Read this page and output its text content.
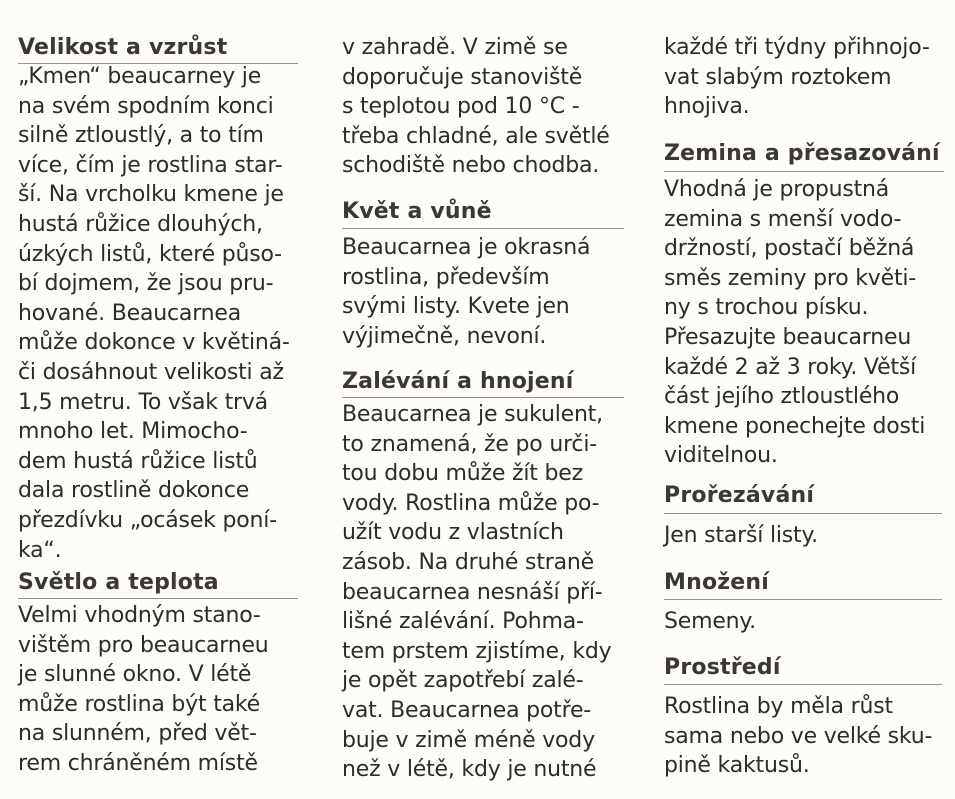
Velikost a vzrůst
„Kmen“ beaucarney je
na svém spodním konci
silně ztloustlý, a to tím
více, čím je rostlina star-
ší. Na vrcholku kmene je
hustá růžice dlouhých,
úzkých listů, které půso-
bí dojmem, že jsou pru-
hované. Beaucarnea
může dokonce v květiná-
či dosáhnout velikosti až
1,5 metru. To však trvá
mnoho let. Mimocho-
dem hustá růžice listů
dala rostlině dokonce
přezdívku „ocásek poní-
ka“.
Světlo a teplota
Velmi vhodným stano-
vištěm pro beaucarneu
je slunné okno. V létě
může rostlina být také
na slunném, před vět-
rem chráněném místě
v zahradě. V zimě se
doporučuje stanoviště
s teplotou pod 10 °C -
třeba chladné, ale světlé
schodiště nebo chodba.
Květ a vůně
Beaucarnea je okrasná
rostlina, především
svými listy. Kvete jen
výjimečně, nevoní.
Zalévání a hnojení
Beaucarnea je sukulent,
to znamená, že po urči-
tou dobu může žít bez
vody. Rostlina může po-
užít vodu z vlastních
zásob. Na druhé straně
beaucarnea nesnáší pří-
lišné zalévání. Pohma-
tem prstem zjistíme, kdy
je opět zapotřebí zalé-
vat. Beaucarnea potře-
buje v zimě méně vody
než v létě, kdy je nutné
každé tři týdny přihnojo-
vat slabým roztokem
hnojiva.
Zemina a přesazování
Vhodná je propustná
zemina s menší vodo-
držností, postačí běžná
směs zeminy pro květi-
ny s trochou písku.
Přesazujte beaucarneu
každé 2 až 3 roky. Větší
část jejího ztloustlého
kmene ponechejte dosti
viditelnou.
Prořezávání
Jen starší listy.
Množení
Semeny.
Prostředí
Rostlina by měla růst
sama nebo ve velké sku-
pině kaktusů.
